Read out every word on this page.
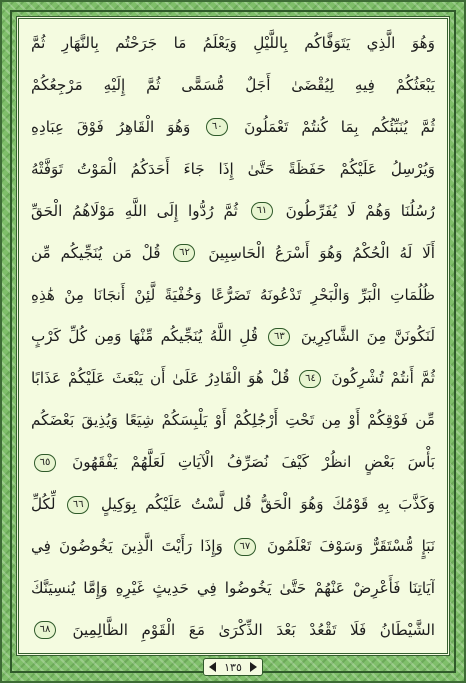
وَهُوَ الَّذِي يَتَوَفَّاكُم بِاللَّيْلِ وَيَعْلَمُ مَا جَرَحْتُم بِالنَّهَارِ ثُمَّ
يَبْعَثُكُمْ فِيهِ لِيُقْضَىٰ أَجَلٌ مُّسَمًّى ثُمَّ إِلَيْهِ مَرْجِعُكُمْ
ثُمَّ يُنَبِّئُكُم بِمَا كُنتُمْ تَعْمَلُونَ ٦٠ وَهُوَ الْقَاهِرُ فَوْقَ عِبَادِهِ
وَيُرْسِلُ عَلَيْكُمْ حَفَظَةً حَتَّىٰ إِذَا جَاءَ أَحَدَكُمُ الْمَوْتُ تَوَفَّتْهُ
رُسُلُنَا وَهُمْ لَا يُفَرِّطُونَ ٦١ ثُمَّ رُدُّوا إِلَى اللَّهِ مَوْلَاهُمُ الْحَقِّ
أَلَا لَهُ الْحُكْمُ وَهُوَ أَسْرَعُ الْحَاسِبِينَ ٦٢ قُلْ مَن يُنَجِّيكُم مِّن
ظُلُمَاتِ الْبَرِّ وَالْبَحْرِ تَدْعُونَهُ تَضَرُّعًا وَخُفْيَةً لَّئِنْ أَنجَانَا مِنْ هَٰذِهِ
لَنَكُونَنَّ مِنَ الشَّاكِرِينَ ٦٣ قُلِ اللَّهُ يُنَجِّيكُم مِّنْهَا وَمِن كُلِّ كَرْبٍ
ثُمَّ أَنتُمْ تُشْرِكُونَ ٦٤ قُلْ هُوَ الْقَادِرُ عَلَىٰ أَن يَبْعَثَ عَلَيْكُمْ عَذَابًا
مِّن فَوْقِكُمْ أَوْ مِن تَحْتِ أَرْجُلِكُمْ أَوْ يَلْبِسَكُمْ شِيَعًا وَيُذِيقَ بَعْضَكُم
بَأْسَ بَعْضٍ انظُرْ كَيْفَ نُصَرِّفُ الْآيَاتِ لَعَلَّهُمْ يَفْقَهُونَ ٦٥
وَكَذَّبَ بِهِ قَوْمُكَ وَهُوَ الْحَقُّ قُل لَّسْتُ عَلَيْكُم بِوَكِيلٍ ٦٦ لِّكُلِّ
نَبَإٍ مُّسْتَقَرٌّ وَسَوْفَ تَعْلَمُونَ ٦٧ وَإِذَا رَأَيْتَ الَّذِينَ يَخُوضُونَ فِي
آيَاتِنَا فَأَعْرِضْ عَنْهُمْ حَتَّىٰ يَخُوضُوا فِي حَدِيثٍ غَيْرِهِ وَإِمَّا يُنسِيَنَّكَ
الشَّيْطَانُ فَلَا تَقْعُدْ بَعْدَ الذِّكْرَىٰ مَعَ الْقَوْمِ الظَّالِمِينَ ٦٨
١٣٥
